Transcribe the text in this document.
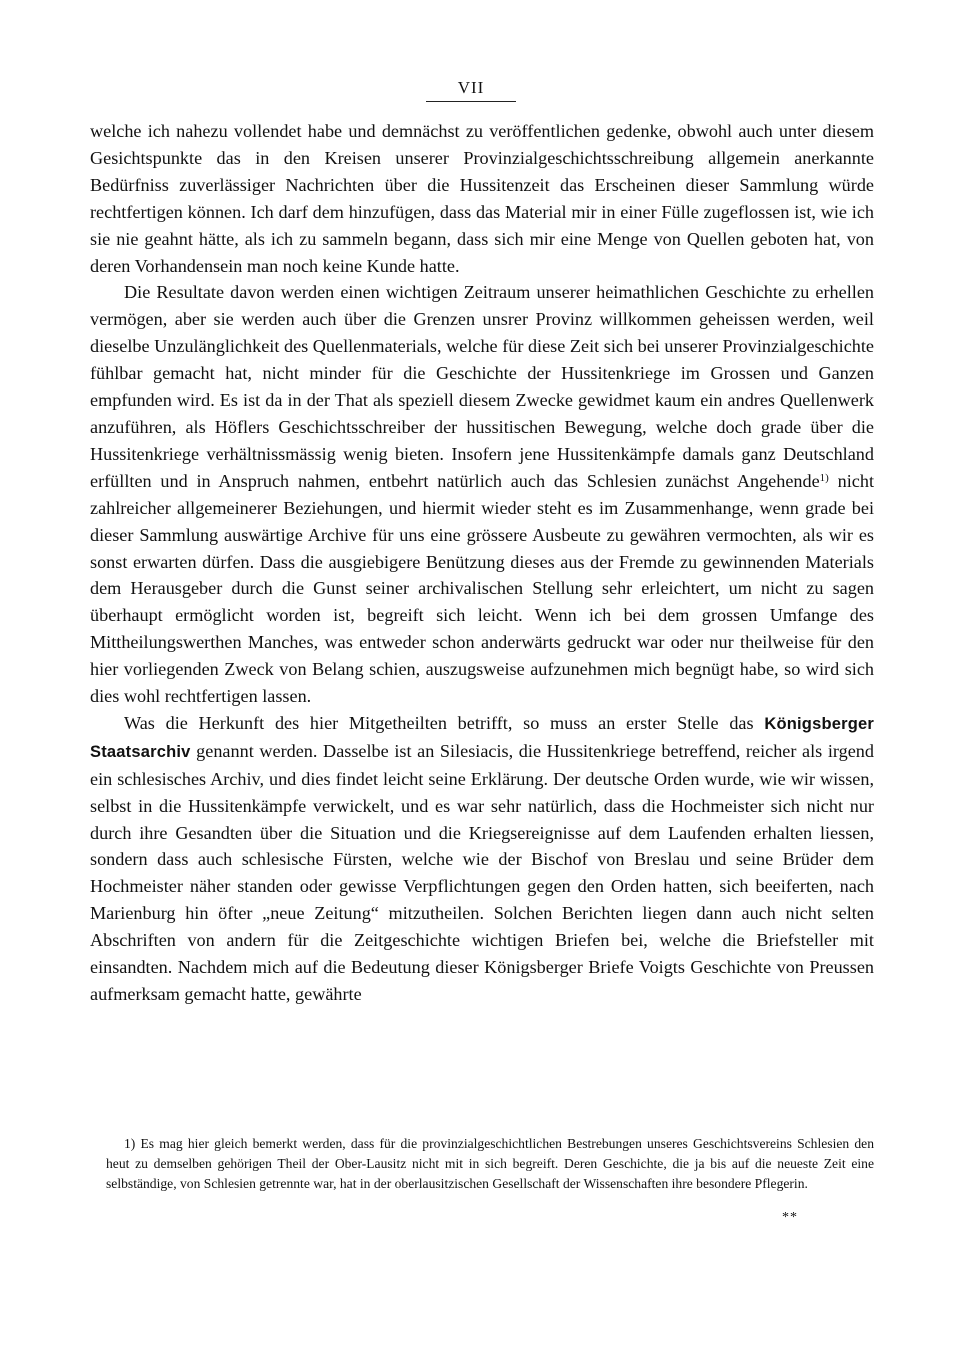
VII

welche ich nahezu vollendet habe und demnächst zu veröffentlichen gedenke, obwohl auch unter diesem Gesichtspunkte das in den Kreisen unserer Provinzialgeschichtsschreibung allgemein anerkannte Bedürfniss zuverlässiger Nachrichten über die Hussitenzeit das Erscheinen dieser Sammlung würde rechtfertigen können. Ich darf dem hinzufügen, dass das Material mir in einer Fülle zugeflossen ist, wie ich sie nie geahnt hätte, als ich zu sammeln begann, dass sich mir eine Menge von Quellen geboten hat, von deren Vorhandensein man noch keine Kunde hatte.

Die Resultate davon werden einen wichtigen Zeitraum unserer heimathlichen Geschichte zu erhellen vermögen, aber sie werden auch über die Grenzen unsrer Provinz willkommen geheissen werden, weil dieselbe Unzulänglichkeit des Quellenmaterials, welche für diese Zeit sich bei unserer Provinzialgeschichte fühlbar gemacht hat, nicht minder für die Geschichte der Hussitenkriege im Grossen und Ganzen empfunden wird. Es ist da in der That als speziell diesem Zwecke gewidmet kaum ein andres Quellenwerk anzuführen, als Höflers Geschichtsschreiber der hussitischen Bewegung, welche doch grade über die Hussitenkriege verhältnissmässig wenig bieten. Insofern jene Hussitenkämpfe damals ganz Deutschland erfüllten und in Anspruch nahmen, entbehrt natürlich auch das Schlesien zunächst Angehende$^{1)}$ nicht zahlreicher allgemeinerer Beziehungen, und hiermit wieder steht es im Zusammenhange, wenn grade bei dieser Sammlung auswärtige Archive für uns eine grössere Ausbeute zu gewähren vermochten, als wir es sonst erwarten dürfen. Dass die ausgiebigere Benützung dieses aus der Fremde zu gewinnenden Materials dem Herausgeber durch die Gunst seiner archivalischen Stellung sehr erleichtert, um nicht zu sagen überhaupt ermöglicht worden ist, begreift sich leicht. Wenn ich bei dem grossen Umfange des Mittheilungswerthen Manches, was entweder schon anderwärts gedruckt war oder nur theilweise für den hier vorliegenden Zweck von Belang schien, auszugsweise aufzunehmen mich begnügt habe, so wird sich dies wohl rechtfertigen lassen.

Was die Herkunft des hier Mitgetheilten betrifft, so muss an erster Stelle das Königsberger Staatsarchiv genannt werden. Dasselbe ist an Silesiacis, die Hussitenkriege betreffend, reicher als irgend ein schlesisches Archiv, und dies findet leicht seine Erklärung. Der deutsche Orden wurde, wie wir wissen, selbst in die Hussitenkämpfe verwickelt, und es war sehr natürlich, dass die Hochmeister sich nicht nur durch ihre Gesandten über die Situation und die Kriegsereignisse auf dem Laufenden erhalten liessen, sondern dass auch schlesische Fürsten, welche wie der Bischof von Breslau und seine Brüder dem Hochmeister näher standen oder gewisse Verpflichtungen gegen den Orden hatten, sich beeiferten, nach Marienburg hin öfter „neue Zeitung“ mitzutheilen. Solchen Berichten liegen dann auch nicht selten Abschriften von andern für die Zeitgeschichte wichtigen Briefen bei, welche die Briefsteller mit einsandten. Nachdem mich auf die Bedeutung dieser Königsberger Briefe Voigts Geschichte von Preussen aufmerksam gemacht hatte, gewährte

1) Es mag hier gleich bemerkt werden, dass für die provinzialgeschichtlichen Bestrebungen unseres Geschichtsvereins Schlesien den heut zu demselben gehörigen Theil der Ober-Lausitz nicht mit in sich begreift. Deren Geschichte, die ja bis auf die neueste Zeit eine selbständige, von Schlesien getrennte war, hat in der oberlausitzischen Gesellschaft der Wissenschaften ihre besondere Pflegerin.

**
